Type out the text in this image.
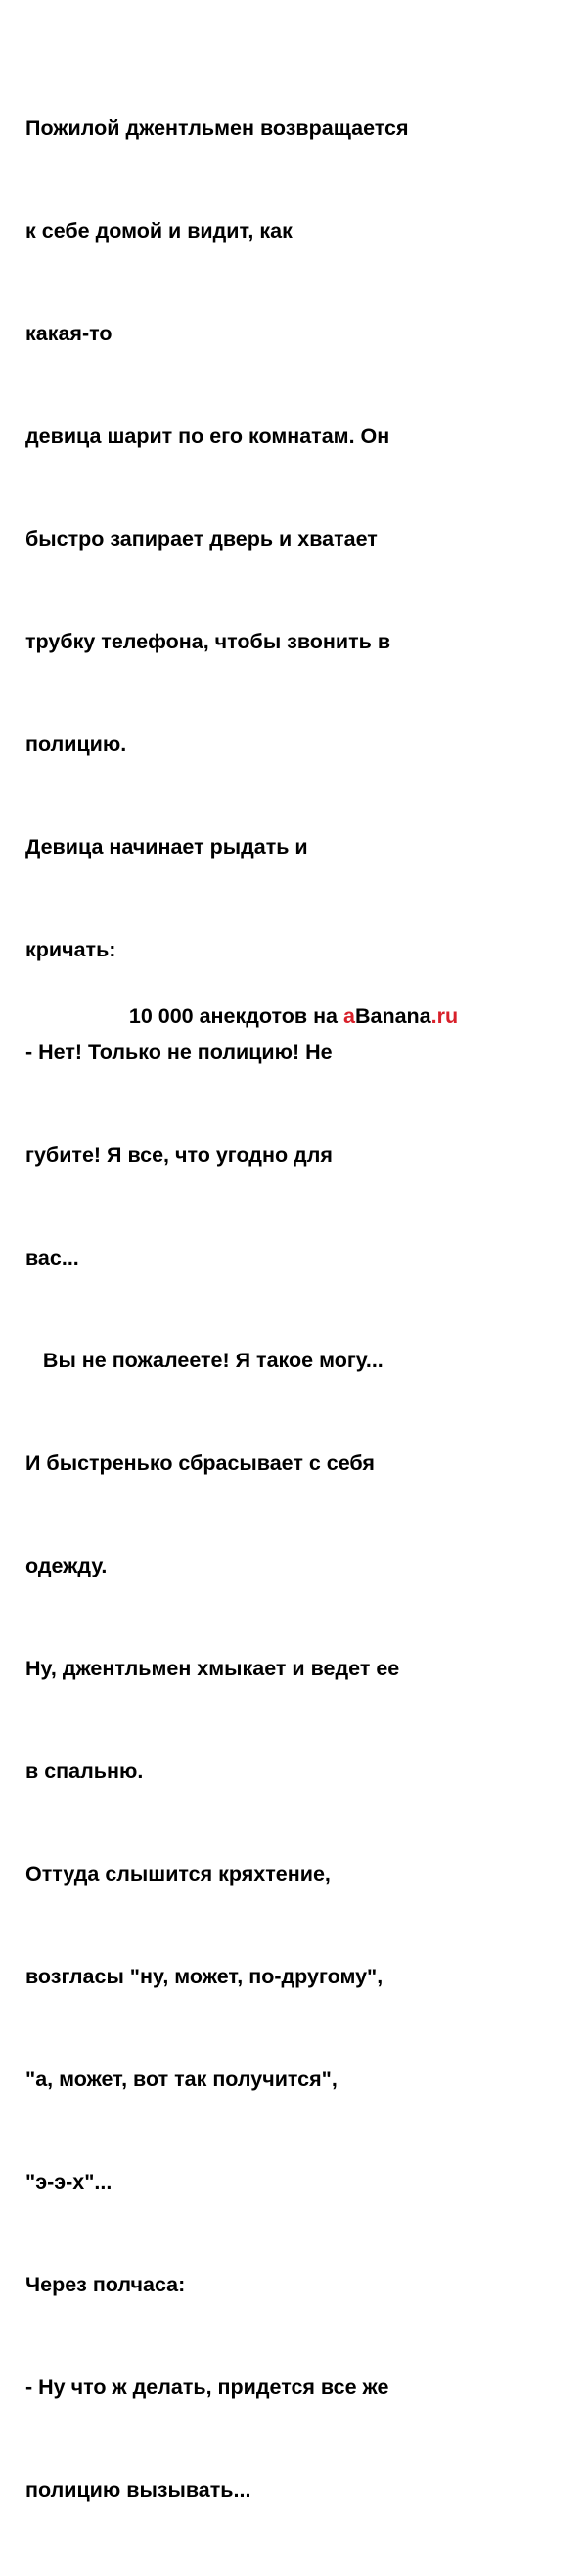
Пожилой джентльмен возвращается

к себе домой и видит, как

какая-то

девица шарит по его комнатам. Он

быстро запирает дверь и хватает

трубку телефона, чтобы звонить в

полицию.

Девица начинает рыдать и

кричать:

- Нет! Только не полицию! Не

губите! Я все, что угодно для

вас...

Вы не пожалеете! Я такое могу...

И быстренько сбрасывает с себя

одежду.

Ну, джентльмен хмыкает и ведет ее

в спальню.

Оттуда слышится кряхтение,

возгласы "ну, может, по-другому",

"а, может, вот так получится",

"э-э-х"...

Через полчаса:

- Ну что ж делать, придется все же

полицию вызывать...

10 000 анекдотов на aBanana.ru
